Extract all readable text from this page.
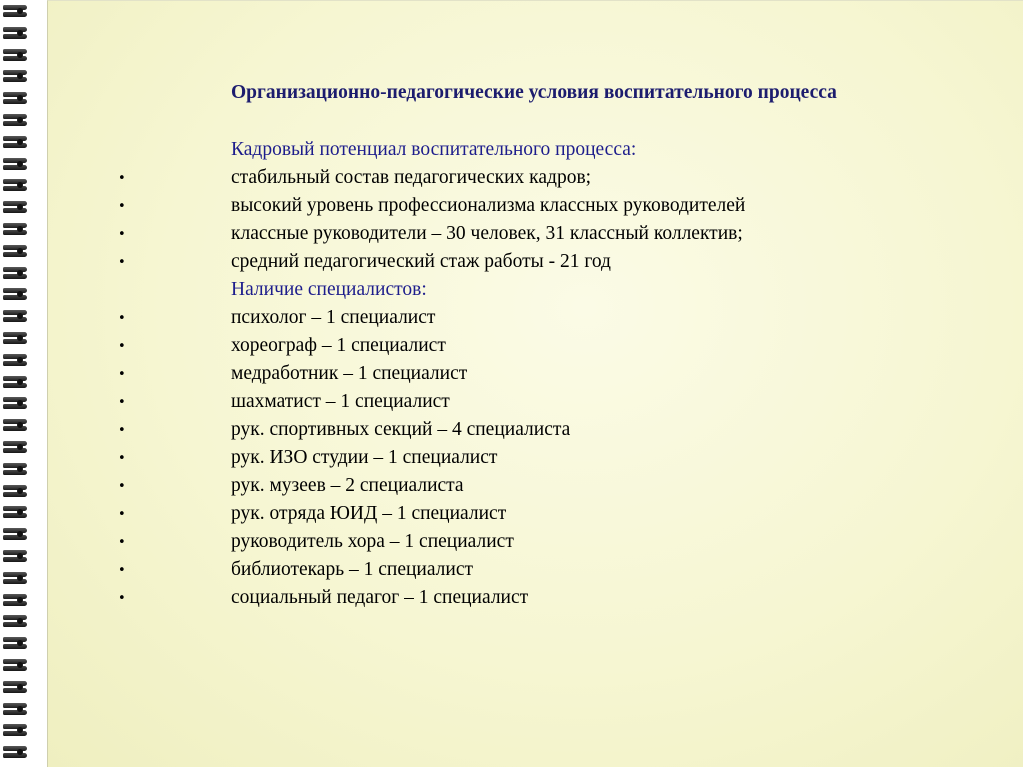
Организационно-педагогические условия воспитательного процесса
Кадровый потенциал воспитательного процесса:
•	стабильный состав педагогических кадров;
•	высокий уровень профессионализма классных руководителей
•	классные руководители – 30 человек, 31 классный коллектив;
•	средний педагогический стаж работы - 21 год
Наличие специалистов:
•	психолог – 1 специалист
•	хореограф – 1 специалист
•	медработник – 1 специалист
•	шахматист – 1 специалист
•	рук. спортивных секций – 4 специалиста
•	рук. ИЗО студии – 1 специалист
•	рук. музеев – 2 специалиста
•	рук. отряда ЮИД – 1 специалист
•	руководитель хора – 1 специалист
•	библиотекарь – 1 специалист
•	социальный педагог – 1 специалист
